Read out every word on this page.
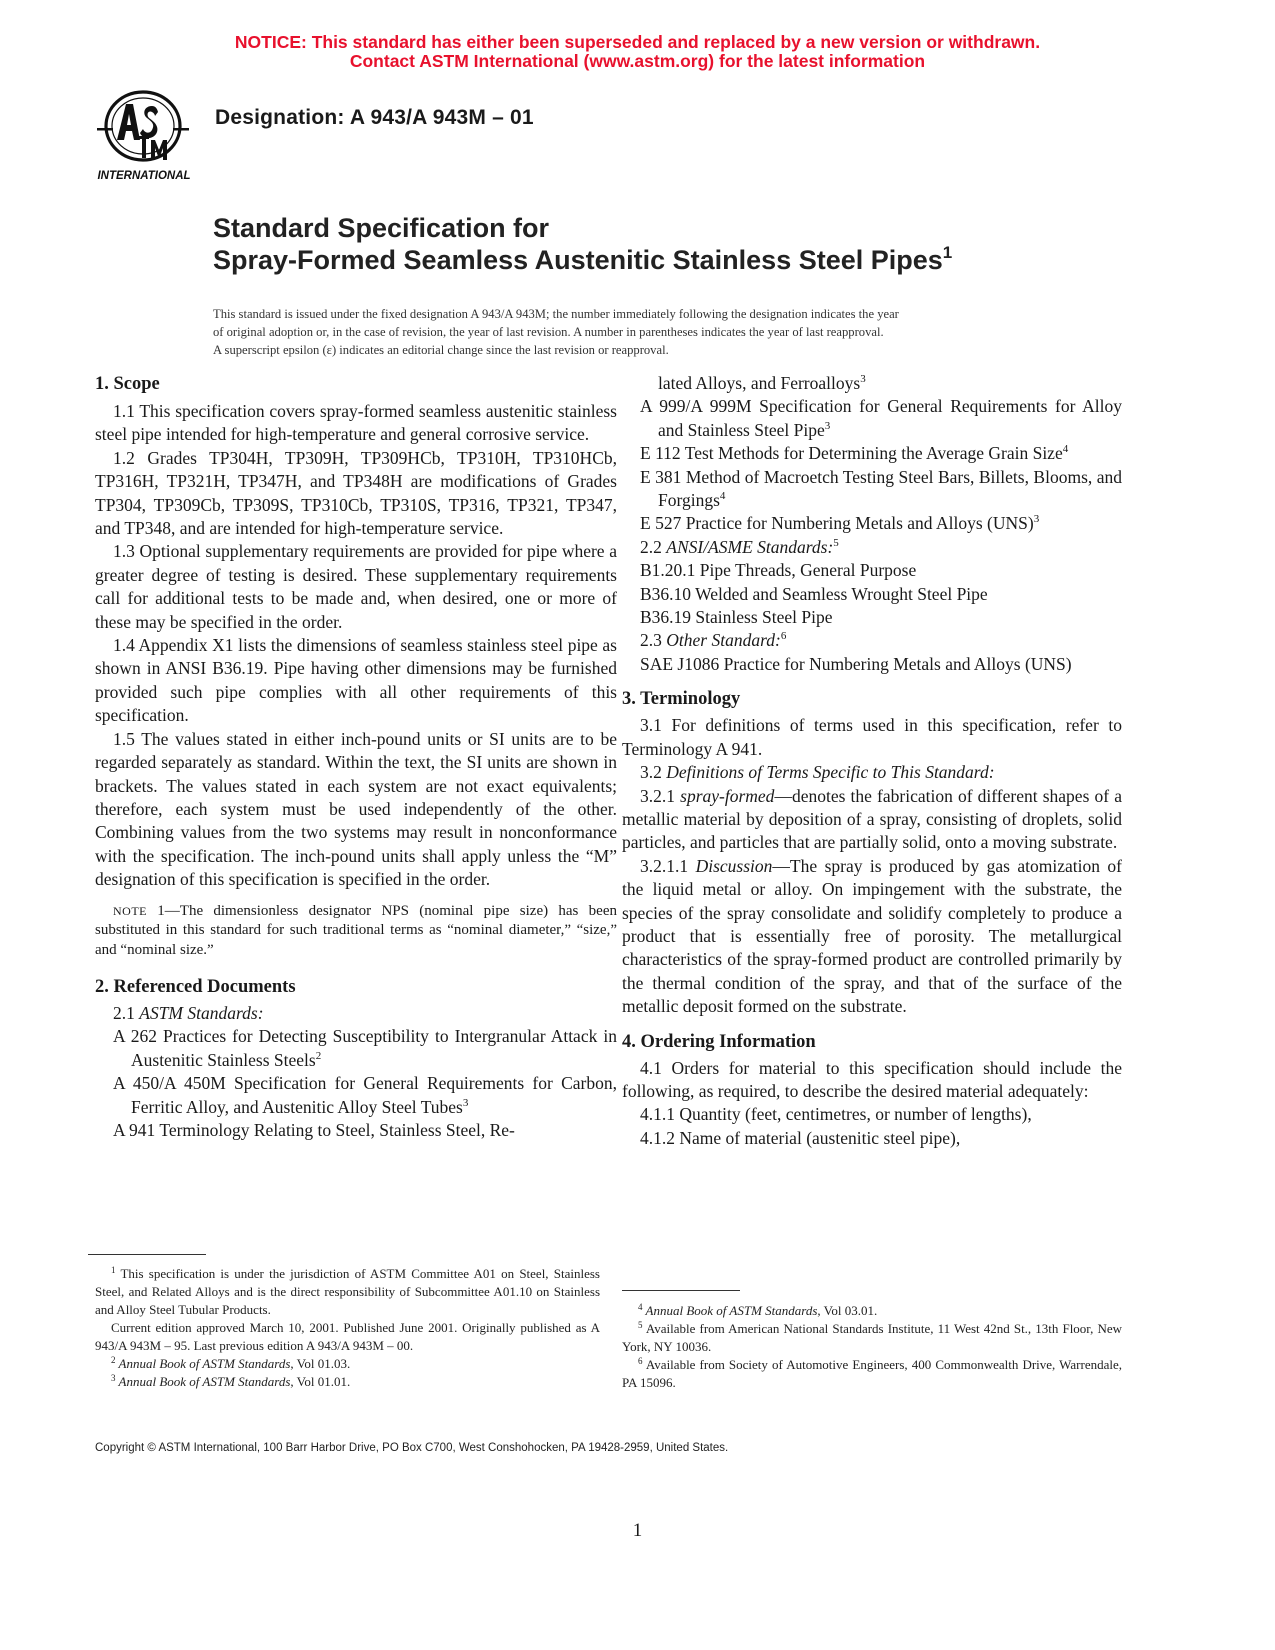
NOTICE: This standard has either been superseded and replaced by a new version or withdrawn.
Contact ASTM International (www.astm.org) for the latest information
INTERNATIONAL
Designation: A 943/A 943M – 01
Standard Specification for
Spray-Formed Seamless Austenitic Stainless Steel Pipes$^1$
This standard is issued under the fixed designation A 943/A 943M; the number immediately following the designation indicates the year
of original adoption or, in the case of revision, the year of last revision. A number in parentheses indicates the year of last reapproval.
A superscript epsilon (ε) indicates an editorial change since the last revision or reapproval.
1. Scope

1.1 This specification covers spray-formed seamless austenitic stainless steel pipe intended for high-temperature and general corrosive service.

1.2 Grades TP304H, TP309H, TP309HCb, TP310H, TP310HCb, TP316H, TP321H, TP347H, and TP348H are modifications of Grades TP304, TP309Cb, TP309S, TP310Cb, TP310S, TP316, TP321, TP347, and TP348, and are intended for high-temperature service.

1.3 Optional supplementary requirements are provided for pipe where a greater degree of testing is desired. These supplementary requirements call for additional tests to be made and, when desired, one or more of these may be specified in the order.

1.4 Appendix X1 lists the dimensions of seamless stainless steel pipe as shown in ANSI B36.19. Pipe having other dimensions may be furnished provided such pipe complies with all other requirements of this specification.

1.5 The values stated in either inch-pound units or SI units are to be regarded separately as standard. Within the text, the SI units are shown in brackets. The values stated in each system are not exact equivalents; therefore, each system must be used independently of the other. Combining values from the two systems may result in nonconformance with the specification. The inch-pound units shall apply unless the “M” designation of this specification is specified in the order.

NOTE 1—The dimensionless designator NPS (nominal pipe size) has been substituted in this standard for such traditional terms as “nominal diameter,” “size,” and “nominal size.”

2. Referenced Documents

2.1 ASTM Standards:

A 262 Practices for Detecting Susceptibility to Intergranular Attack in Austenitic Stainless Steels$^2$

A 450/A 450M Specification for General Requirements for Carbon, Ferritic Alloy, and Austenitic Alloy Steel Tubes$^3$

A 941 Terminology Relating to Steel, Stainless Steel, Re-

$^1$ This specification is under the jurisdiction of ASTM Committee A01 on Steel, Stainless Steel, and Related Alloys and is the direct responsibility of Subcommittee A01.10 on Stainless and Alloy Steel Tubular Products.

Current edition approved March 10, 2001. Published June 2001. Originally published as A 943/A 943M – 95. Last previous edition A 943/A 943M – 00.

$^2$ Annual Book of ASTM Standards, Vol 01.03.

$^3$ Annual Book of ASTM Standards, Vol 01.01.

lated Alloys, and Ferroalloys$^3$

A 999/A 999M Specification for General Requirements for Alloy and Stainless Steel Pipe$^3$

E 112 Test Methods for Determining the Average Grain Size$^4$

E 381 Method of Macroetch Testing Steel Bars, Billets, Blooms, and Forgings$^4$

E 527 Practice for Numbering Metals and Alloys (UNS)$^3$

2.2 ANSI/ASME Standards:$^5$

B1.20.1 Pipe Threads, General Purpose

B36.10 Welded and Seamless Wrought Steel Pipe

B36.19 Stainless Steel Pipe

2.3 Other Standard:$^6$

SAE J1086 Practice for Numbering Metals and Alloys (UNS)

3. Terminology

3.1 For definitions of terms used in this specification, refer to Terminology A 941.

3.2 Definitions of Terms Specific to This Standard:

3.2.1 spray-formed—denotes the fabrication of different shapes of a metallic material by deposition of a spray, consisting of droplets, solid particles, and particles that are partially solid, onto a moving substrate.

3.2.1.1 Discussion—The spray is produced by gas atomization of the liquid metal or alloy. On impingement with the substrate, the species of the spray consolidate and solidify completely to produce a product that is essentially free of porosity. The metallurgical characteristics of the spray-formed product are controlled primarily by the thermal condition of the spray, and that of the surface of the metallic deposit formed on the substrate.

4. Ordering Information

4.1 Orders for material to this specification should include the following, as required, to describe the desired material adequately:

4.1.1 Quantity (feet, centimetres, or number of lengths),

4.1.2 Name of material (austenitic steel pipe),

$^4$ Annual Book of ASTM Standards, Vol 03.01.

$^5$ Available from American National Standards Institute, 11 West 42nd St., 13th Floor, New York, NY 10036.

$^6$ Available from Society of Automotive Engineers, 400 Commonwealth Drive, Warrendale, PA 15096.

Copyright © ASTM International, 100 Barr Harbor Drive, PO Box C700, West Conshohocken, PA 19428-2959, United States.
1
